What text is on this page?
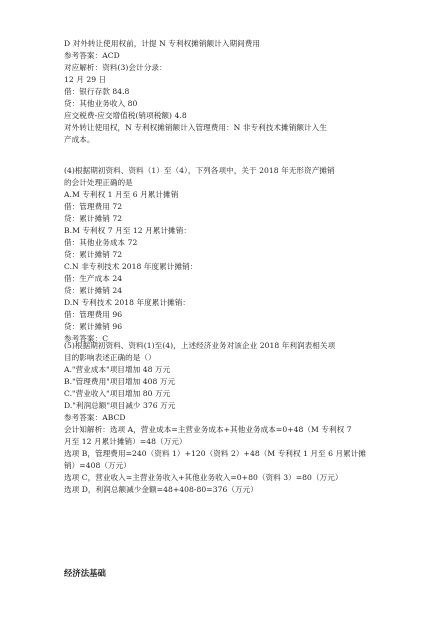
D 对外转让使用权前，计提 N 专利权摊销额计入期间费用
参考答案：ACD
对应解析：资料(3)会计分录：
12 月 29 日
借：银行存款 84.8
贷：其他业务收入 80
应交税费-应交增值税(销项税额) 4.8
对外转让使用权，N 专利权摊销额计入管理费用：N 非专利技术摊销额计入生
产成本。
(4)根据期初资料、资料（1）至（4），下列各项中，关于 2018 年无形资产摊销
的会计处理正确的是
A.M 专利权 1 月至 6 月累计摊销
借：管理费用 72
贷：累计摊销 72
B.M 专利权 7 月至 12 月累计摊销：
借：其他业务成本 72
贷：累计摊销 72
C.N 非专利技术 2018 年度累计摊销：
借：生产成本 24
贷：累计摊销 24
D.N 专利技术 2018 年度累计摊销：
借：管理费用 96
贷：累计摊销 96
参考答案：C
(5)根据期初资料、资料(1)至(4)，上述经济业务对该企业 2018 年利润表相关项
目的影响表述正确的是（）
A."营业成本"项目增加 48 万元
B."管理费用"项目增加 408 万元
C."营业收入"项目增加 80 万元
D."利润总额"项目减少 376 万元
参考答案：ABCD
会计知解析：选项 A，营业成本=主营业务成本+其他业务成本=0+48（M 专利权 7
月至 12 月累计摊销）=48（万元）
选项 B，管理费用=240（资料 1）+120（资料 2）+48（M 专利权 1 月至 6 月累计摊
销）=408（万元）
选项 C，营业收入=主营业务收入+其他业务收入=0+80（资料 3）=80（万元）
选项 D，利润总额减少金额=48+408-80=376（万元）
经济法基础
